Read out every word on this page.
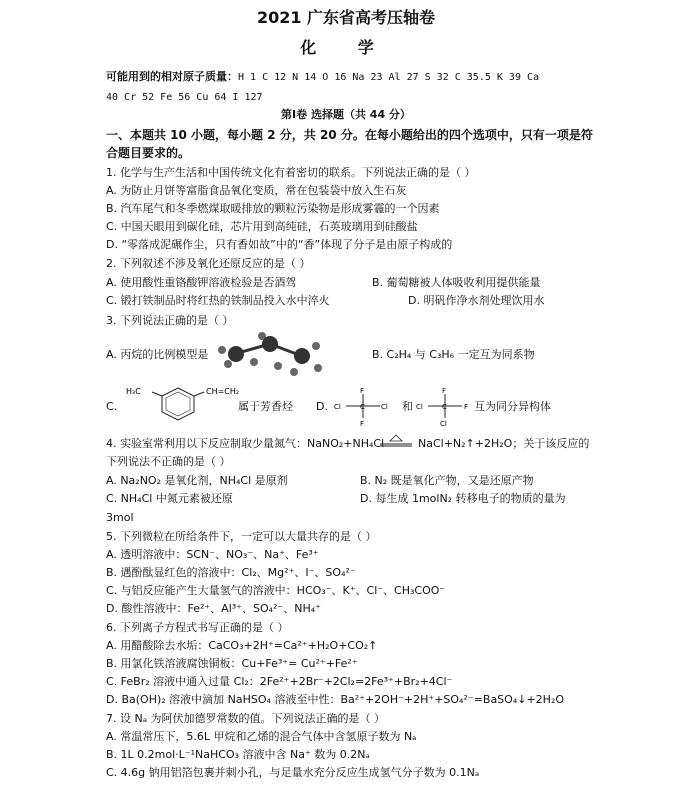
2021 广东省高考压轴卷
化 学
可能用到的相对原子质量：H 1 C 12 N 14 O 16 Na 23 Al 27 S 32 C 35.5 K 39 Ca
40 Cr 52 Fe 56 Cu 64 I 127
第Ⅰ卷 选择题（共 44 分）
一、本题共 10 小题，每小题 2 分，共 20 分。在每小题给出的四个选项中，只有一项是符
合题目要求的。
1. 化学与生产生活和中国传统文化有着密切的联系。下列说法正确的是（ ）
A. 为防止月饼等富脂食品氧化变质，常在包装袋中放入生石灰
B. 汽车尾气和冬季燃煤取暖排放的颗粒污染物是形成雾霾的一个因素
C. 中国天眼用到碳化硅，芯片用到高纯硅，石英玻璃用到硅酸盐
D. “零落成泥碾作尘，只有香如故”中的“香”体现了分子是由原子构成的
2. 下列叙述不涉及氧化还原反应的是（ ）
A. 使用酸性重铬酸钾溶液检验是否酒驾	B. 葡萄糖被人体吸收利用提供能量
C. 锻打铁制品时将红热的铁制品投入水中淬火	D. 明矾作净水剂处理饮用水
3. 下列说法正确的是（ ）
A. 丙烷的比例模型是	B. C₂H₄ 与 C₃H₆ 一定互为同系物
C.
H₃C	CH=CH₂
属于芳香烃 D.
F
F
Cl	Cl
C	和
F
Cl
Cl	F
C 互为同分异构体
4. 实验室常利用以下反应制取少量氮气：NaNO₂+NH₄Cl	NaCl+N₂↑+2H₂O；关于该反应的
下列说法不正确的是（ ）
A. Na₂NO₂ 是氧化剂，NH₄Cl 是原剂	B. N₂ 既是氧化产物，又是还原产物
C. NH₄Cl 中氮元素被还原	D. 每生成 1molN₂ 转移电子的物质的量为
3mol
5. 下列微粒在所给条件下，一定可以大量共存的是（ ）
A. 透明溶液中：SCN⁻、NO₃⁻、Na⁺、Fe³⁺
B. 遇酚酞显红色的溶液中：Cl₂、Mg²⁺、I⁻、SO₄²⁻
C. 与铝反应能产生大量氢气的溶液中：HCO₃⁻、K⁺、Cl⁻、CH₃COO⁻
D. 酸性溶液中：Fe²⁺、Al³⁺、SO₄²⁻、NH₄⁺
6. 下列离子方程式书写正确的是（ ）
A. 用醋酸除去水垢：CaCO₃+2H⁺=Ca²⁺+H₂O+CO₂↑
B. 用氯化铁溶液腐蚀铜板：Cu+Fe³⁺= Cu²⁺+Fe²⁺
C. FeBr₂ 溶液中通入过量 Cl₂：2Fe²⁺+2Br⁻+2Cl₂=2Fe³⁺+Br₂+4Cl⁻
D. Ba(OH)₂ 溶液中滴加 NaHSO₄ 溶液至中性：Ba²⁺+2OH⁻+2H⁺+SO₄²⁻=BaSO₄↓+2H₂O
7. 设 Nₐ 为阿伏加德罗常数的值。下列说法正确的是（ ）
A. 常温常压下，5.6L 甲烷和乙烯的混合气体中含氢原子数为 Nₐ
B. 1L 0.2mol·L⁻¹NaHCO₃ 溶液中含 Na⁺ 数为 0.2Nₐ
C. 4.6g 钠用铝箔包裹并刺小孔，与足量水充分反应生成氢气分子数为 0.1Nₐ
